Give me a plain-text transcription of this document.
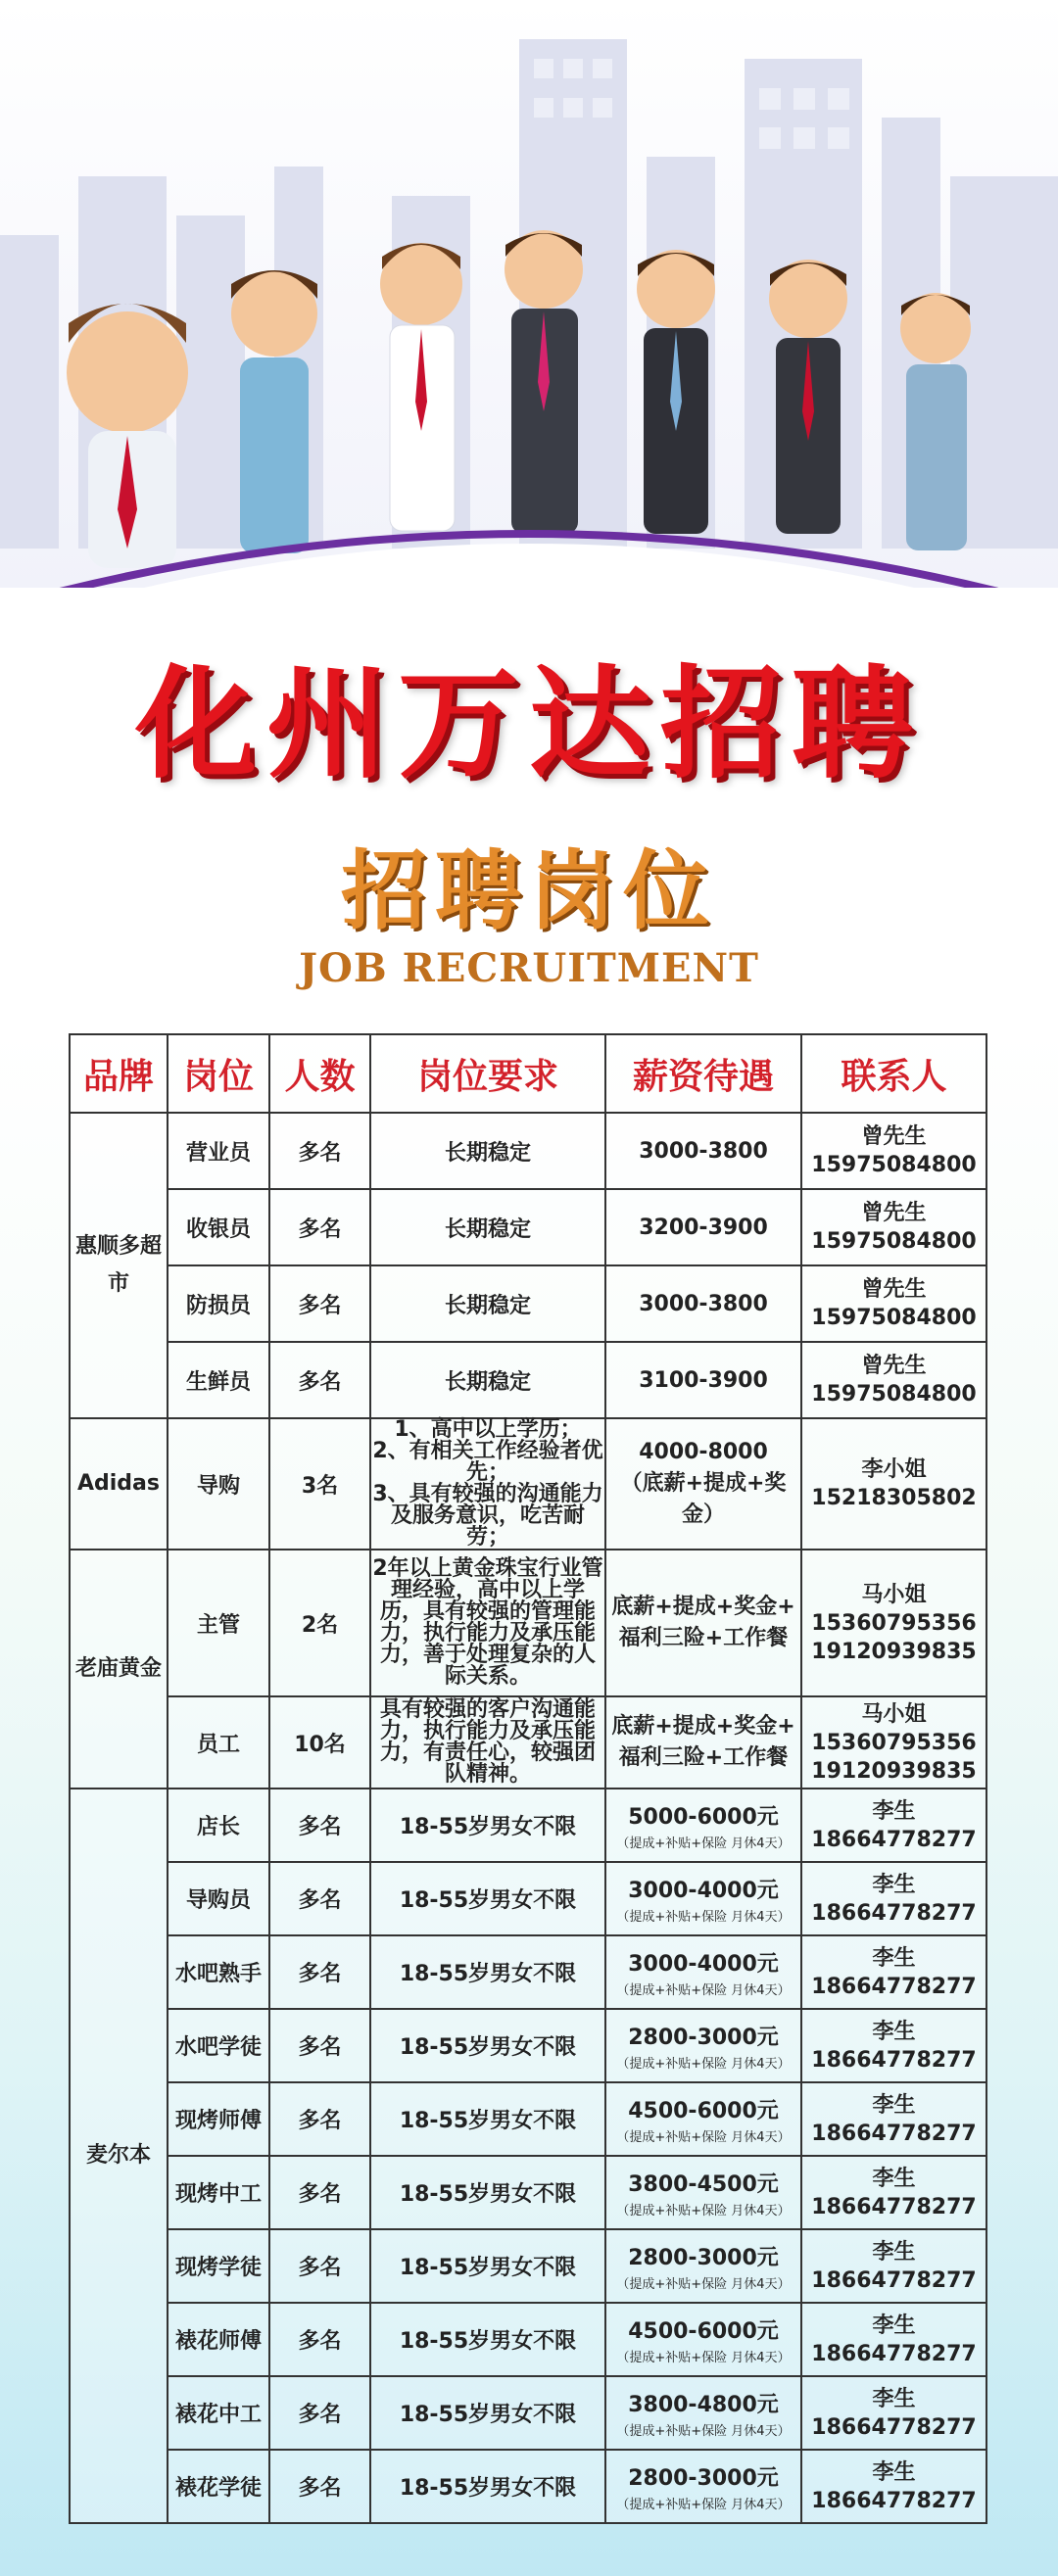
化州万达招聘
招聘岗位
JOB RECRUITMENT
品牌	岗位	人数	岗位要求	薪资待遇	联系人
惠顺多超市	营业员	多名	长期稳定	3000-3800	曾先生
15975084800

	收银员	多名	长期稳定	3200-3900	曾先生
15975084800

	防损员	多名	长期稳定	3000-3800	曾先生
15975084800

	生鲜员	多名	长期稳定	3100-3900	曾先生
15975084800

Adidas	导购	3名	1、高中以上学历；
2、有相关工作经验者优先；
3、具有较强的沟通能力及服务意识，吃苦耐劳；	4000-8000
（底薪+提成+奖金）	李小姐
15218305802

老庙黄金	主管	2名	2年以上黄金珠宝行业管理经验，高中以上学历，具有较强的管理能力，执行能力及承压能力，善于处理复杂的人际关系。	底薪+提成+奖金+
福利三险+工作餐	马小姐
15360795356
19120939835

	员工	10名	具有较强的客户沟通能力，执行能力及承压能力，有责任心，较强团队精神。	底薪+提成+奖金+
福利三险+工作餐	马小姐
15360795356
19120939835

麦尔本	店长	多名	18-55岁男女不限	5000-6000元
（提成+补贴+保险 月休4天）	李生
18664778277

	导购员	多名	18-55岁男女不限	3000-4000元
（提成+补贴+保险 月休4天）	李生
18664778277

	水吧熟手	多名	18-55岁男女不限	3000-4000元
（提成+补贴+保险 月休4天）	李生
18664778277

	水吧学徒	多名	18-55岁男女不限	2800-3000元
（提成+补贴+保险 月休4天）	李生
18664778277

	现烤师傅	多名	18-55岁男女不限	4500-6000元
（提成+补贴+保险 月休4天）	李生
18664778277

	现烤中工	多名	18-55岁男女不限	3800-4500元
（提成+补贴+保险 月休4天）	李生
18664778277

	现烤学徒	多名	18-55岁男女不限	2800-3000元
（提成+补贴+保险 月休4天）	李生
18664778277

	裱花师傅	多名	18-55岁男女不限	4500-6000元
（提成+补贴+保险 月休4天）	李生
18664778277

	裱花中工	多名	18-55岁男女不限	3800-4800元
（提成+补贴+保险 月休4天）	李生
18664778277

	裱花学徒	多名	18-55岁男女不限	2800-3000元
（提成+补贴+保险 月休4天）	李生
18664778277
